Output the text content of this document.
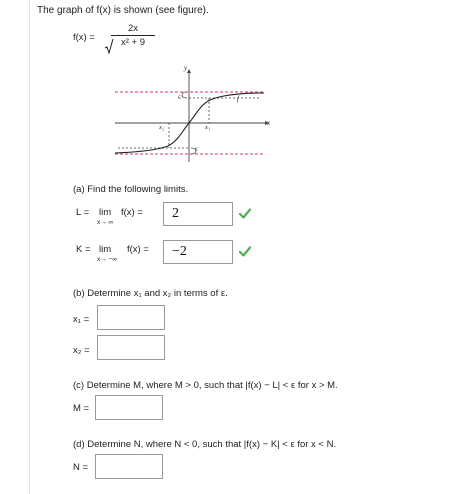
The graph of f(x) is shown (see figure).
f(x) =
2x
x² + 9
y
x
f
ε
ε
x₁
x₂
(a) Find the following limits.
L = lim
x→ ∞
f(x) =	2
K = lim
x→ −∞
f(x) =	−2
(b) Determine x₁ and x₂ in terms of ε.
x₁ =
x₂ =
(c) Determine M, where M > 0, such that |f(x) − L| < ε for x > M.
M =
(d) Determine N, where N < 0, such that |f(x) − K| < ε for x < N.
N =
